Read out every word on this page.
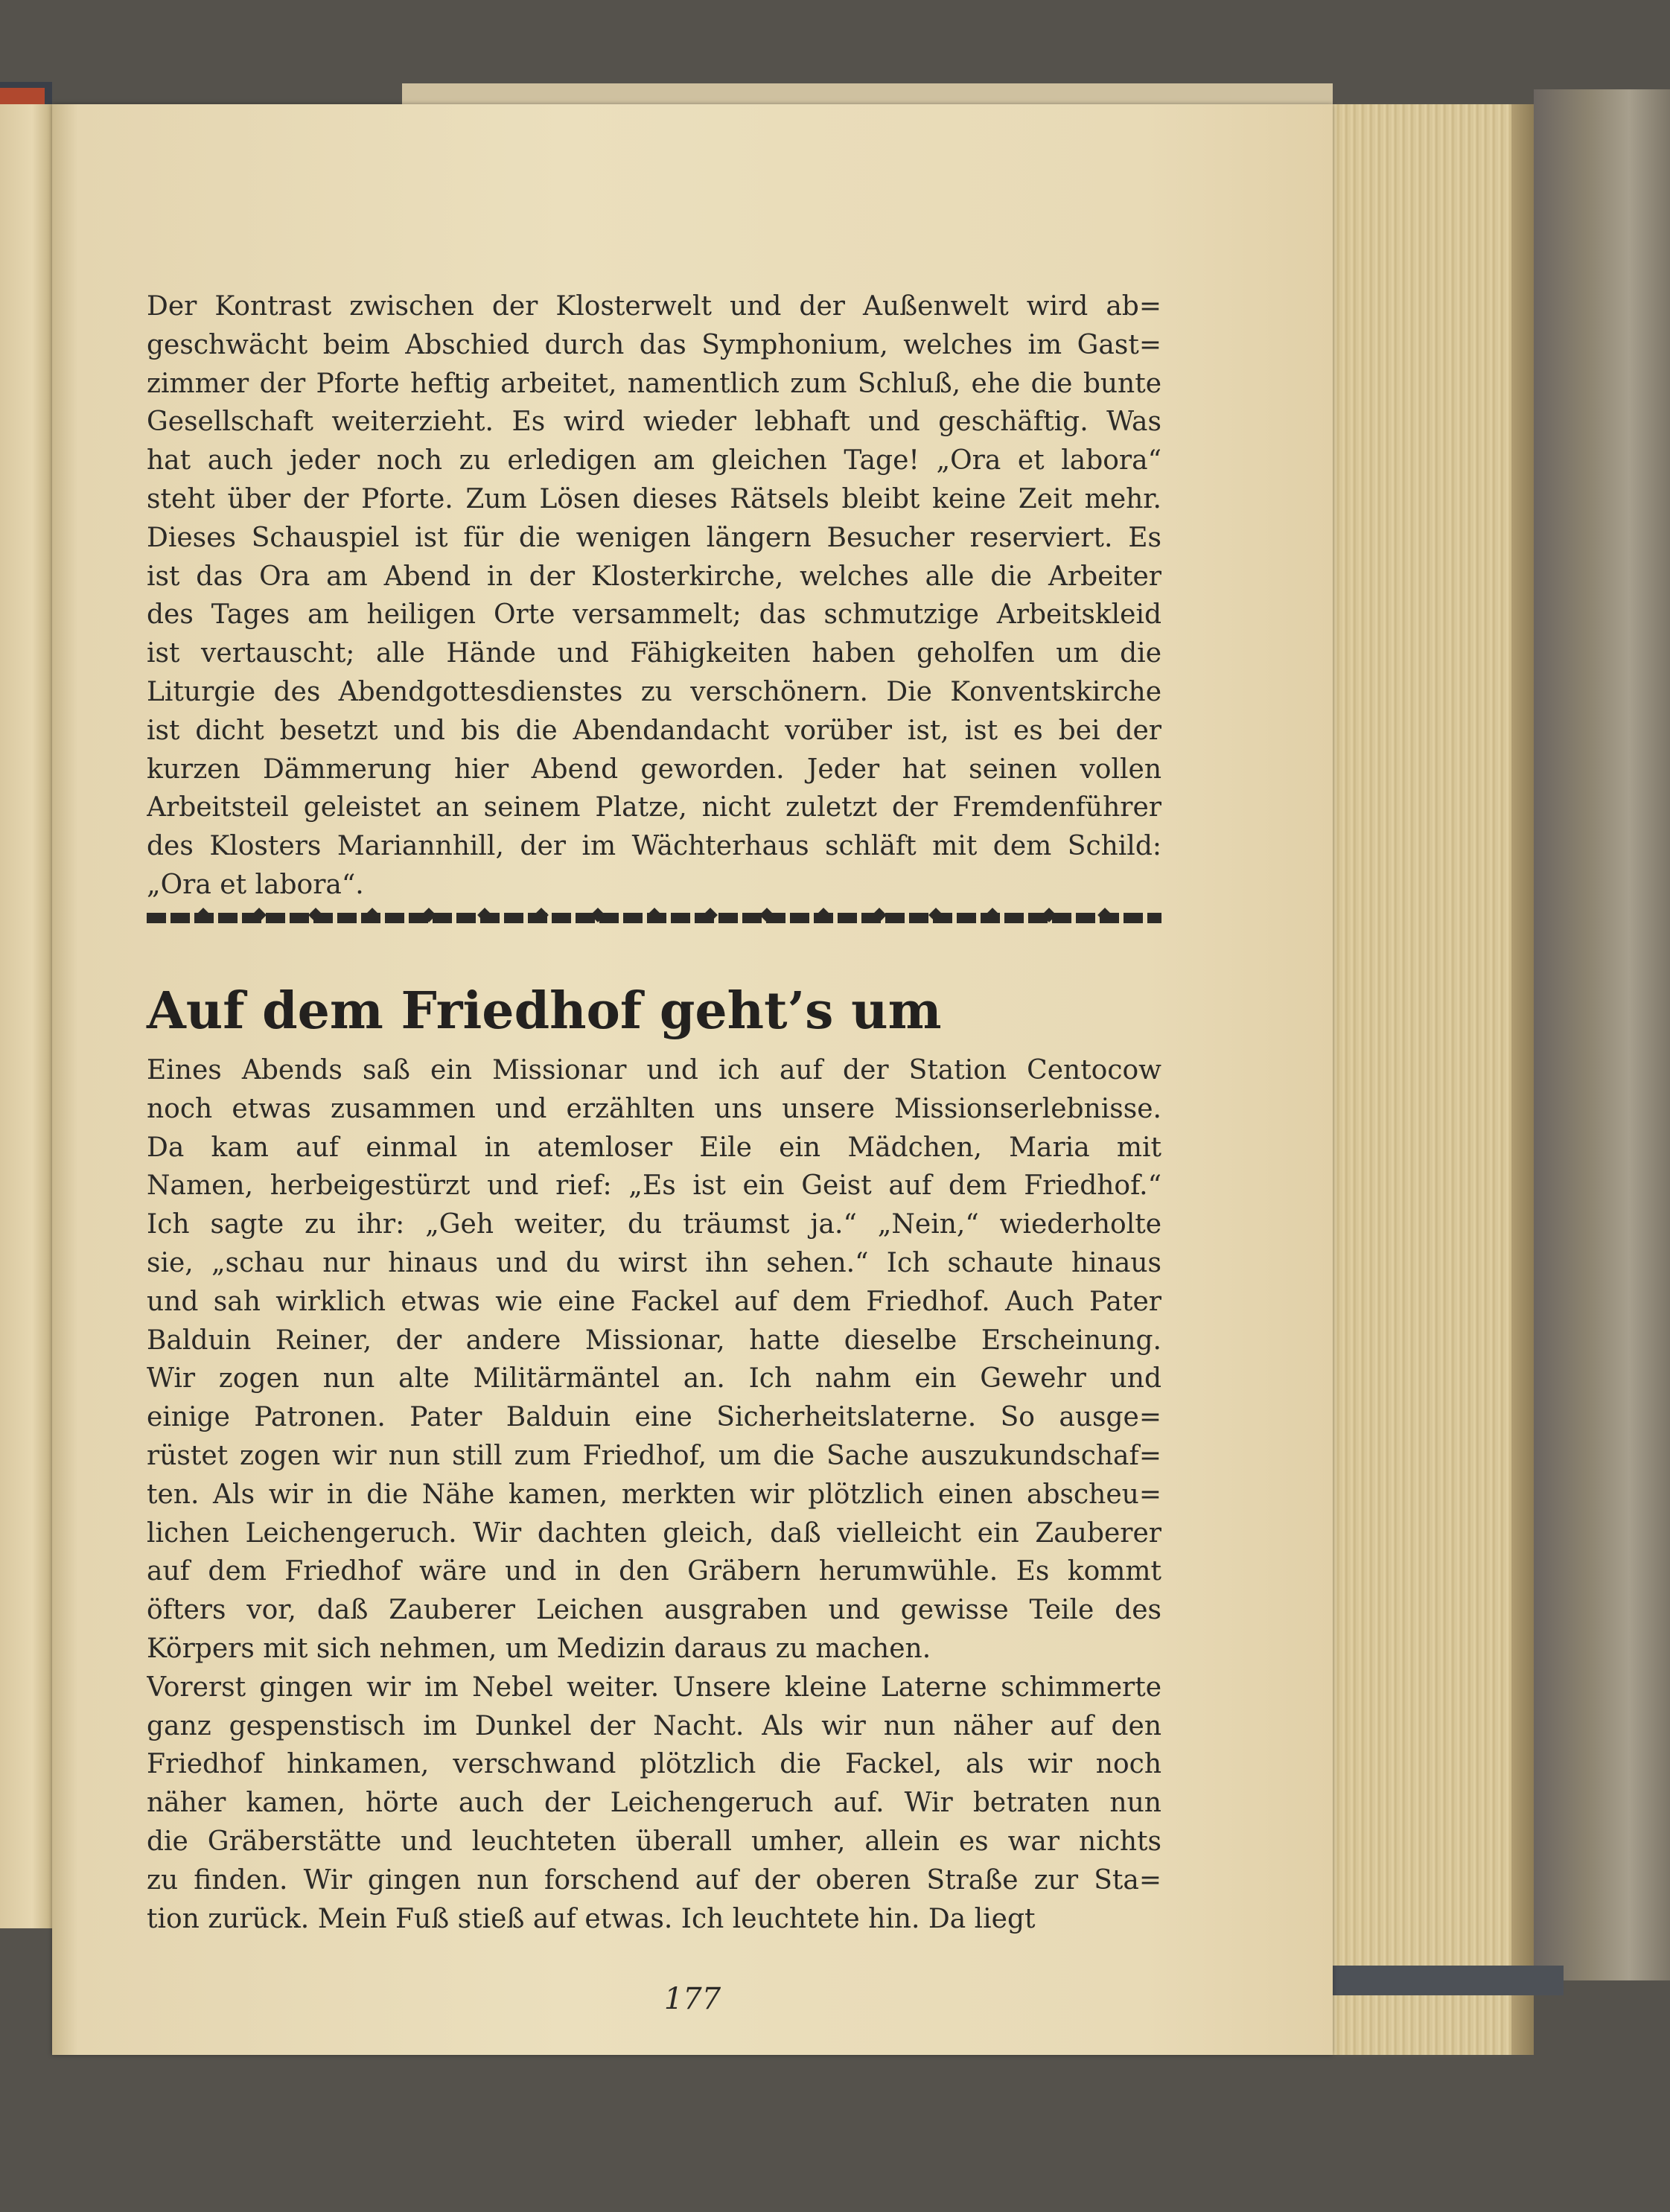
177
Der Kontrast zwischen der Klosterwelt und der Außenwelt wird ab=
geschwächt beim Abschied durch das Symphonium, welches im Gast=
zimmer der Pforte heftig arbeitet, namentlich zum Schluß, ehe die bunte
Gesellschaft weiterzieht. Es wird wieder lebhaft und geschäftig. Was
hat auch jeder noch zu erledigen am gleichen Tage! „Ora et labora“
steht über der Pforte. Zum Lösen dieses Rätsels bleibt keine Zeit mehr.
Dieses Schauspiel ist für die wenigen längern Besucher reserviert. Es
ist das Ora am Abend in der Klosterkirche, welches alle die Arbeiter
des Tages am heiligen Orte versammelt; das schmutzige Arbeitskleid
ist vertauscht; alle Hände und Fähigkeiten haben geholfen um die
Liturgie des Abendgottesdienstes zu verschönern. Die Konventskirche
ist dicht besetzt und bis die Abendandacht vorüber ist, ist es bei der
kurzen Dämmerung hier Abend geworden. Jeder hat seinen vollen
Arbeitsteil geleistet an seinem Platze, nicht zuletzt der Fremdenführer
des Klosters Mariannhill, der im Wächterhaus schläft mit dem Schild:
„Ora et labora“.
Auf dem Friedhof geht’s um
Eines Abends saß ein Missionar und ich auf der Station Centocow
noch etwas zusammen und erzählten uns unsere Missionserlebnisse.
Da kam auf einmal in atemloser Eile ein Mädchen, Maria mit
Namen, herbeigestürzt und rief: „Es ist ein Geist auf dem Friedhof.“
Ich sagte zu ihr: „Geh weiter, du träumst ja.“ „Nein,“ wiederholte
sie, „schau nur hinaus und du wirst ihn sehen.“ Ich schaute hinaus
und sah wirklich etwas wie eine Fackel auf dem Friedhof. Auch Pater
Balduin Reiner, der andere Missionar, hatte dieselbe Erscheinung.
Wir zogen nun alte Militärmäntel an. Ich nahm ein Gewehr und
einige Patronen. Pater Balduin eine Sicherheitslaterne. So ausge=
rüstet zogen wir nun still zum Friedhof, um die Sache auszukundschaf=
ten. Als wir in die Nähe kamen, merkten wir plötzlich einen abscheu=
lichen Leichengeruch. Wir dachten gleich, daß vielleicht ein Zauberer
auf dem Friedhof wäre und in den Gräbern herumwühle. Es kommt
öfters vor, daß Zauberer Leichen ausgraben und gewisse Teile des
Körpers mit sich nehmen, um Medizin daraus zu machen.
Vorerst gingen wir im Nebel weiter. Unsere kleine Laterne schimmerte
ganz gespenstisch im Dunkel der Nacht. Als wir nun näher auf den
Friedhof hinkamen, verschwand plötzlich die Fackel, als wir noch
näher kamen, hörte auch der Leichengeruch auf. Wir betraten nun
die Gräberstätte und leuchteten überall umher, allein es war nichts
zu finden. Wir gingen nun forschend auf der oberen Straße zur Sta=
tion zurück. Mein Fuß stieß auf etwas. Ich leuchtete hin. Da liegt
